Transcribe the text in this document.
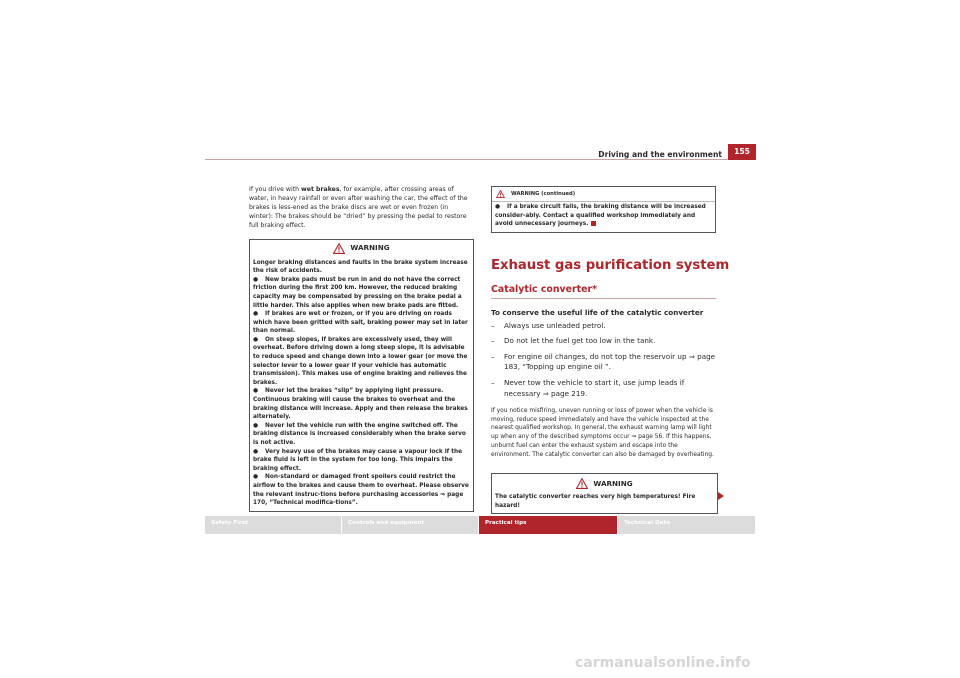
Driving and the environment	155

If you drive with wet brakes, for example, after crossing areas of water, in heavy rainfall or even after washing the car, the effect of the brakes is less-ened as the brake discs are wet or even frozen (in winter): The brakes should be “dried” by pressing the pedal to restore full braking effect.

WARNING

Longer braking distances and faults in the brake system increase the risk of accidents.

● New brake pads must be run in and do not have the correct friction during the first 200 km. However, the reduced braking capacity may be compensated by pressing on the brake pedal a little harder. This also applies when new brake pads are fitted.

● If brakes are wet or frozen, or if you are driving on roads which have been gritted with salt, braking power may set in later than normal.

● On steep slopes, if brakes are excessively used, they will overheat. Before driving down a long steep slope, it is advisable to reduce speed and change down into a lower gear (or move the selector lever to a lower gear if your vehicle has automatic transmission). This makes use of engine braking and relieves the brakes.

● Never let the brakes “slip” by applying light pressure. Continuous braking will cause the brakes to overheat and the braking distance will increase. Apply and then release the brakes alternately.

● Never let the vehicle run with the engine switched off. The braking distance is increased considerably when the brake servo is not active.

● Very heavy use of the brakes may cause a vapour lock if the brake fluid is left in the system for too long. This impairs the braking effect.

● Non-standard or damaged front spoilers could restrict the airflow to the brakes and cause them to overheat. Please observe the relevant instruc-tions before purchasing accessories ⇒ page 170, “Technical modifica-tions”.

WARNING (continued)

● If a brake circuit fails, the braking distance will be increased consider-ably. Contact a qualified workshop immediately and avoid unnecessary journeys.

Exhaust gas purification system
Catalytic converter*

To conserve the useful life of the catalytic converter

–	Always use unleaded petrol.
–	Do not let the fuel get too low in the tank.
–	For engine oil changes, do not top the reservoir up ⇒ page 183, “Topping up engine oil ”.
–	Never tow the vehicle to start it, use jump leads if necessary ⇒ page 219.

If you notice misfiring, uneven running or loss of power when the vehicle is moving, reduce speed immediately and have the vehicle inspected at the nearest qualified workshop. In general, the exhaust warning lamp will light up when any of the described symptoms occur ⇒ page 56. If this happens, unburnt fuel can enter the exhaust system and escape into the environment. The catalytic converter can also be damaged by overheating.

WARNING
The catalytic converter reaches very high temperatures! Fire hazard!
Safety First	Controls and equipment	Practical tips	Technical Data
carmanualsonline.info
